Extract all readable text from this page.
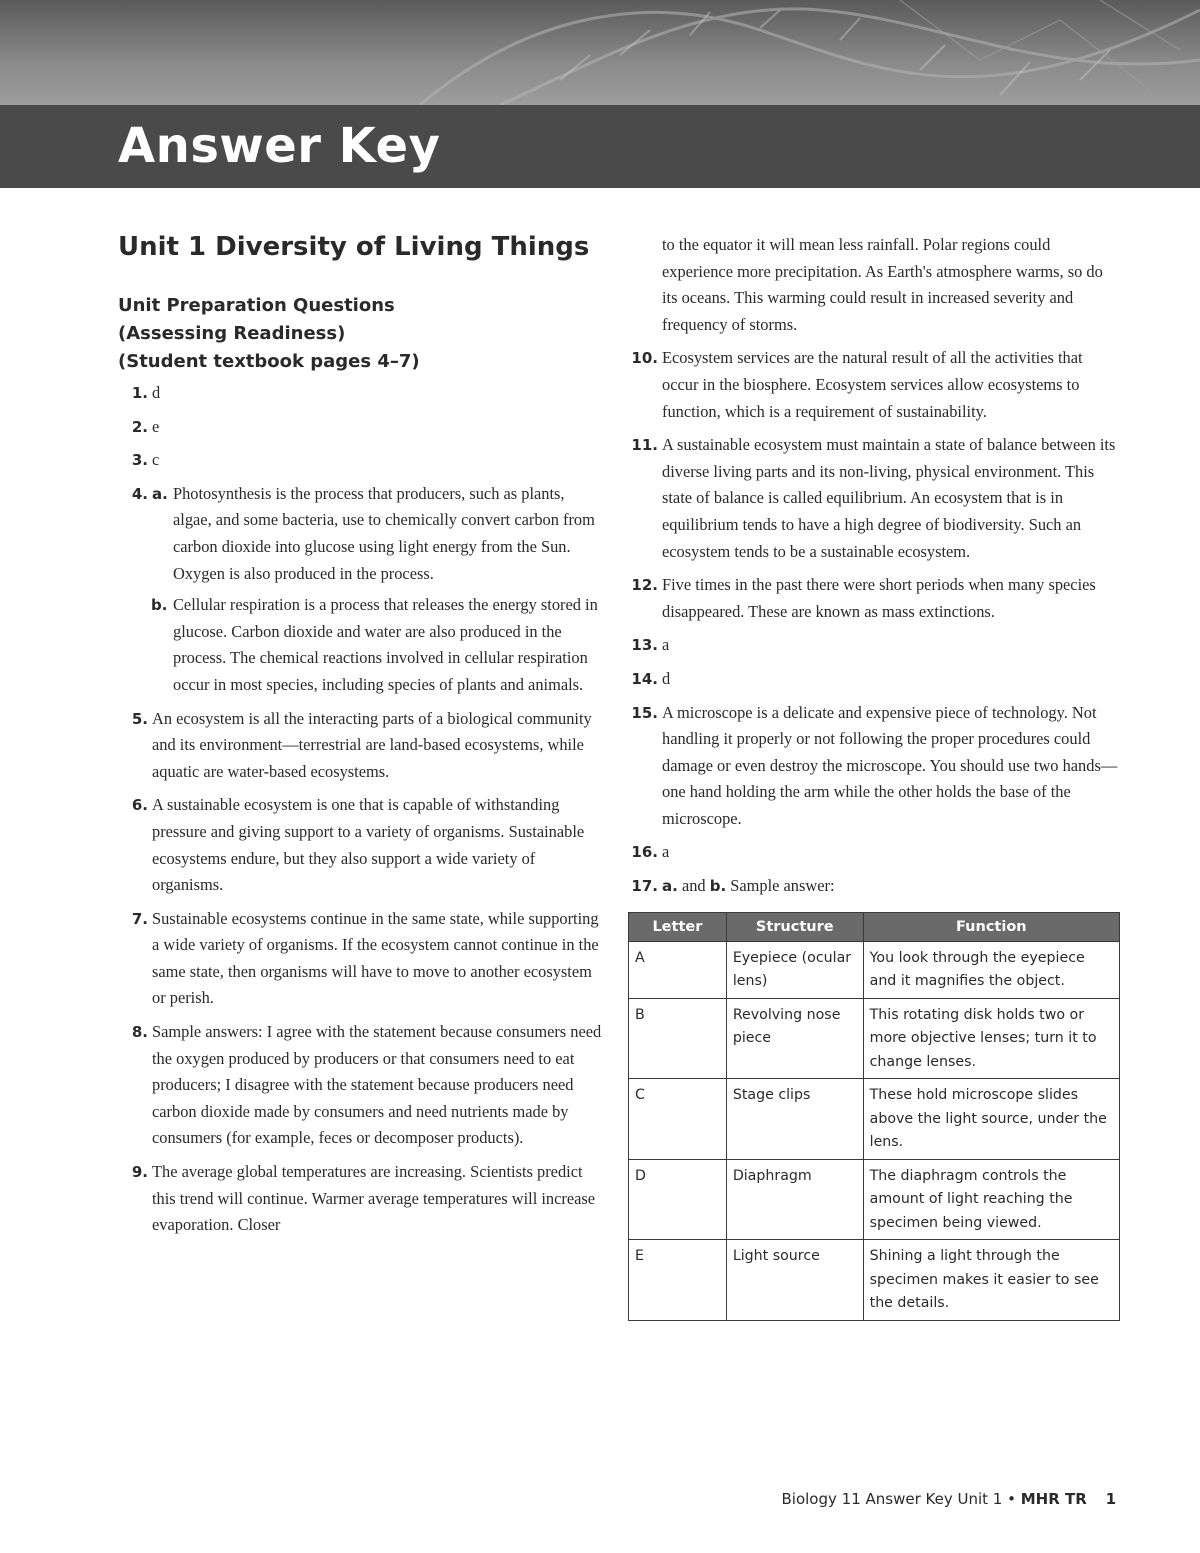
Answer Key
Unit 1 Diversity of Living Things
Unit Preparation Questions
(Assessing Readiness)
(Student textbook pages 4–7)
1. d
2. e
3. c
4. a. Photosynthesis is the process that producers, such as plants, algae, and some bacteria, use to chemically convert carbon from carbon dioxide into glucose using light energy from the Sun. Oxygen is also produced in the process.
b. Cellular respiration is a process that releases the energy stored in glucose. Carbon dioxide and water are also produced in the process. The chemical reactions involved in cellular respiration occur in most species, including species of plants and animals.
5. An ecosystem is all the interacting parts of a biological community and its environment—terrestrial are land-based ecosystems, while aquatic are water-based ecosystems.
6. A sustainable ecosystem is one that is capable of withstanding pressure and giving support to a variety of organisms. Sustainable ecosystems endure, but they also support a wide variety of organisms.
7. Sustainable ecosystems continue in the same state, while supporting a wide variety of organisms. If the ecosystem cannot continue in the same state, then organisms will have to move to another ecosystem or perish.
8. Sample answers: I agree with the statement because consumers need the oxygen produced by producers or that consumers need to eat producers; I disagree with the statement because producers need carbon dioxide made by consumers and need nutrients made by consumers (for example, feces or decomposer products).
9. The average global temperatures are increasing. Scientists predict this trend will continue. Warmer average temperatures will increase evaporation. Closer
to the equator it will mean less rainfall. Polar regions could experience more precipitation. As Earth's atmosphere warms, so do its oceans. This warming could result in increased severity and frequency of storms.
10. Ecosystem services are the natural result of all the activities that occur in the biosphere. Ecosystem services allow ecosystems to function, which is a requirement of sustainability.
11. A sustainable ecosystem must maintain a state of balance between its diverse living parts and its non-living, physical environment. This state of balance is called equilibrium. An ecosystem that is in equilibrium tends to have a high degree of biodiversity. Such an ecosystem tends to be a sustainable ecosystem.
12. Five times in the past there were short periods when many species disappeared. These are known as mass extinctions.
13. a
14. d
15. A microscope is a delicate and expensive piece of technology. Not handling it properly or not following the proper procedures could damage or even destroy the microscope. You should use two hands—one hand holding the arm while the other holds the base of the microscope.
16. a
17. a. and b. Sample answer:
Letter	Structure	Function
A	Eyepiece (ocular lens)	You look through the eyepiece and it magnifies the object.
B	Revolving nose piece	This rotating disk holds two or more objective lenses; turn it to change lenses.
C	Stage clips	These hold microscope slides above the light source, under the lens.
D	Diaphragm	The diaphragm controls the amount of light reaching the specimen being viewed.
E	Light source	Shining a light through the specimen makes it easier to see the details.
Biology 11 Answer Key Unit 1 • MHR TR 1
